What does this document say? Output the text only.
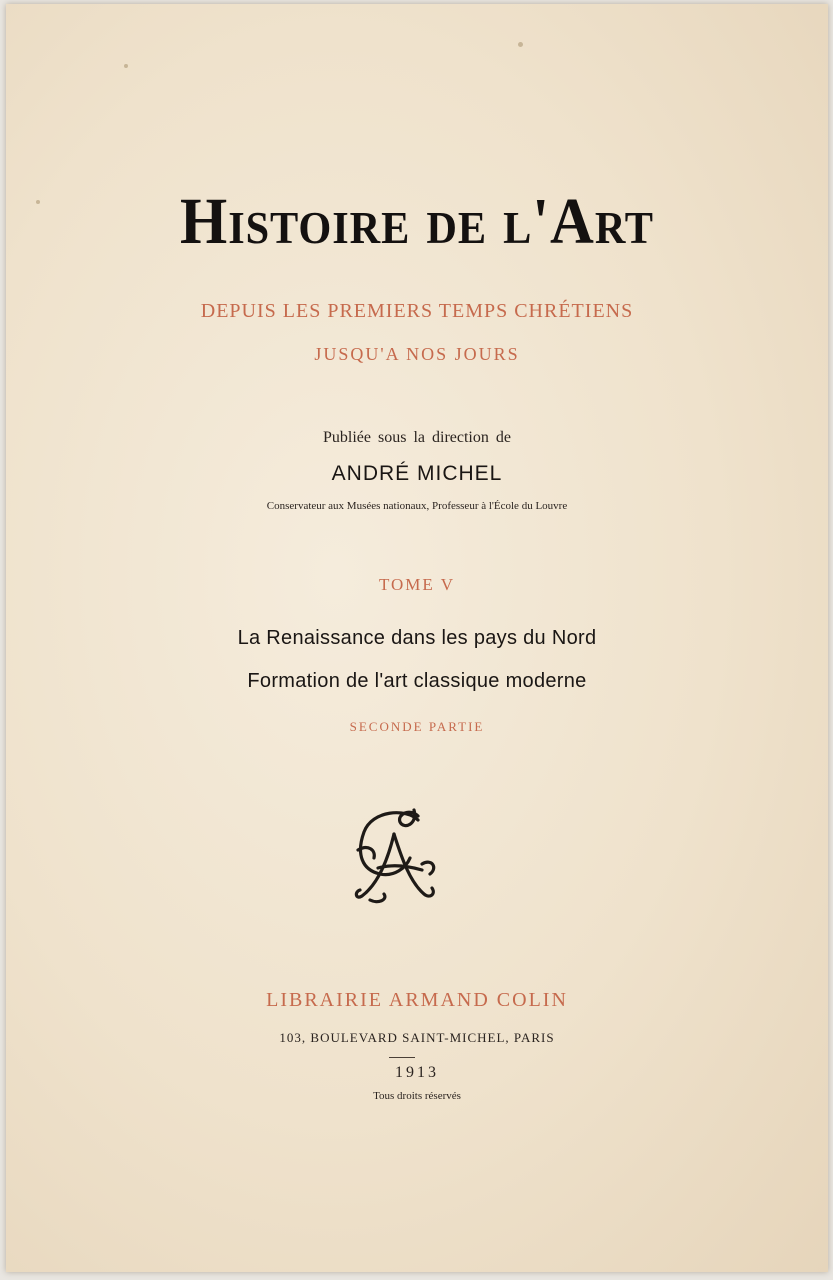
Histoire de l'Art
DEPUIS LES PREMIERS TEMPS CHRÉTIENS
JUSQU'A NOS JOURS
Publiée sous la direction de
ANDRÉ MICHEL
Conservateur aux Musées nationaux, Professeur à l'École du Louvre
TOME V
La Renaissance dans les pays du Nord
Formation de l'art classique moderne
SECONDE PARTIE
LIBRAIRIE ARMAND COLIN
103, BOULEVARD SAINT-MICHEL, PARIS
1913
Tous droits réservés
